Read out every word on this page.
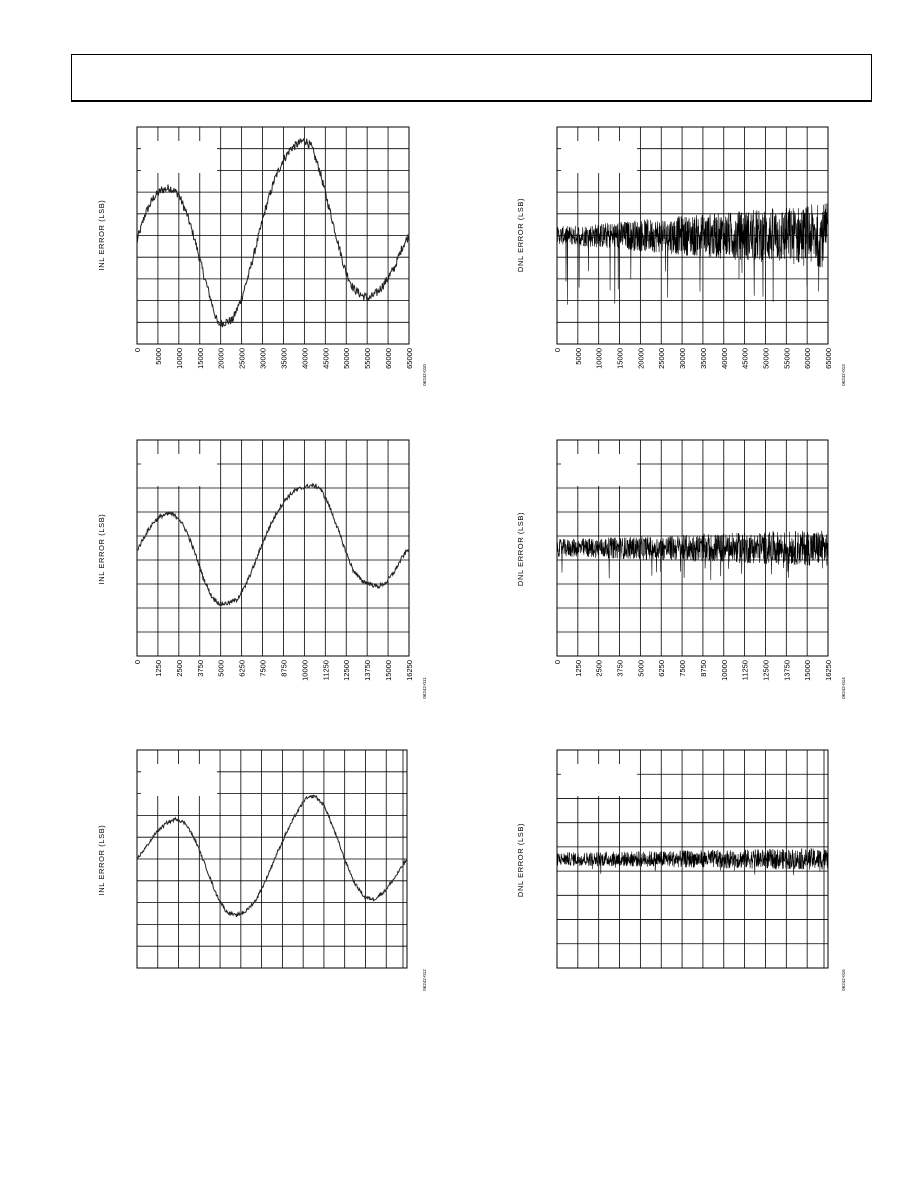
INL ERROR (LSB)
0 5000 10000 15000 20000 25000 30000 35000 40000 45000 50000 55000 60000 65000
06242-010
DNL ERROR (LSB)
0 5000 10000 15000 20000 25000 30000 35000 40000 45000 50000 55000 60000 65000
06242-013
INL ERROR (LSB)
0 1250 2500 3750 5000 6250 7500 8750 10000 11250 12500 13750 15000 16250
06242-011
DNL ERROR (LSB)
0 1250 2500 3750 5000 6250 7500 8750 10000 11250 12500 13750 15000 16250
06242-014
INL ERROR (LSB)
06242-012
DNL ERROR (LSB)
06242-015
